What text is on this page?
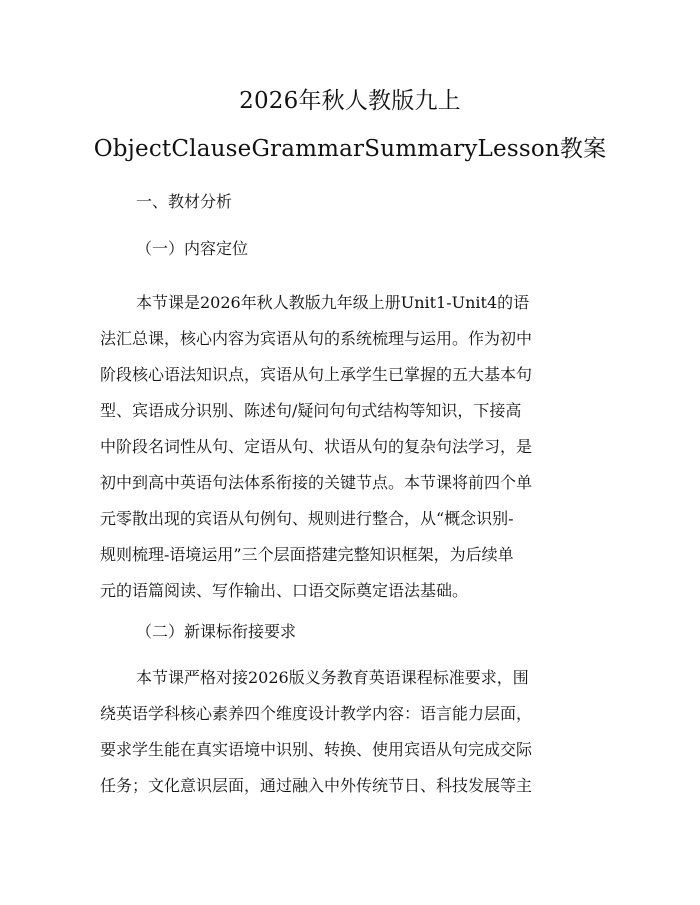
2026年秋人教版九上
ObjectClauseGrammarSummaryLesson教案
一、教材分析
（一）内容定位
本节课是2026年秋人教版九年级上册Unit1-Unit4的语
法汇总课，核心内容为宾语从句的系统梳理与运用。作为初中
阶段核心语法知识点，宾语从句上承学生已掌握的五大基本句
型、宾语成分识别、陈述句/疑问句句式结构等知识，下接高
中阶段名词性从句、定语从句、状语从句的复杂句法学习，是
初中到高中英语句法体系衔接的关键节点。本节课将前四个单
元零散出现的宾语从句例句、规则进行整合，从“概念识别-
规则梳理-语境运用”三个层面搭建完整知识框架，为后续单
元的语篇阅读、写作输出、口语交际奠定语法基础。
（二）新课标衔接要求
本节课严格对接2026版义务教育英语课程标准要求，围
绕英语学科核心素养四个维度设计教学内容：语言能力层面，
要求学生能在真实语境中识别、转换、使用宾语从句完成交际
任务；文化意识层面，通过融入中外传统节日、科技发展等主
